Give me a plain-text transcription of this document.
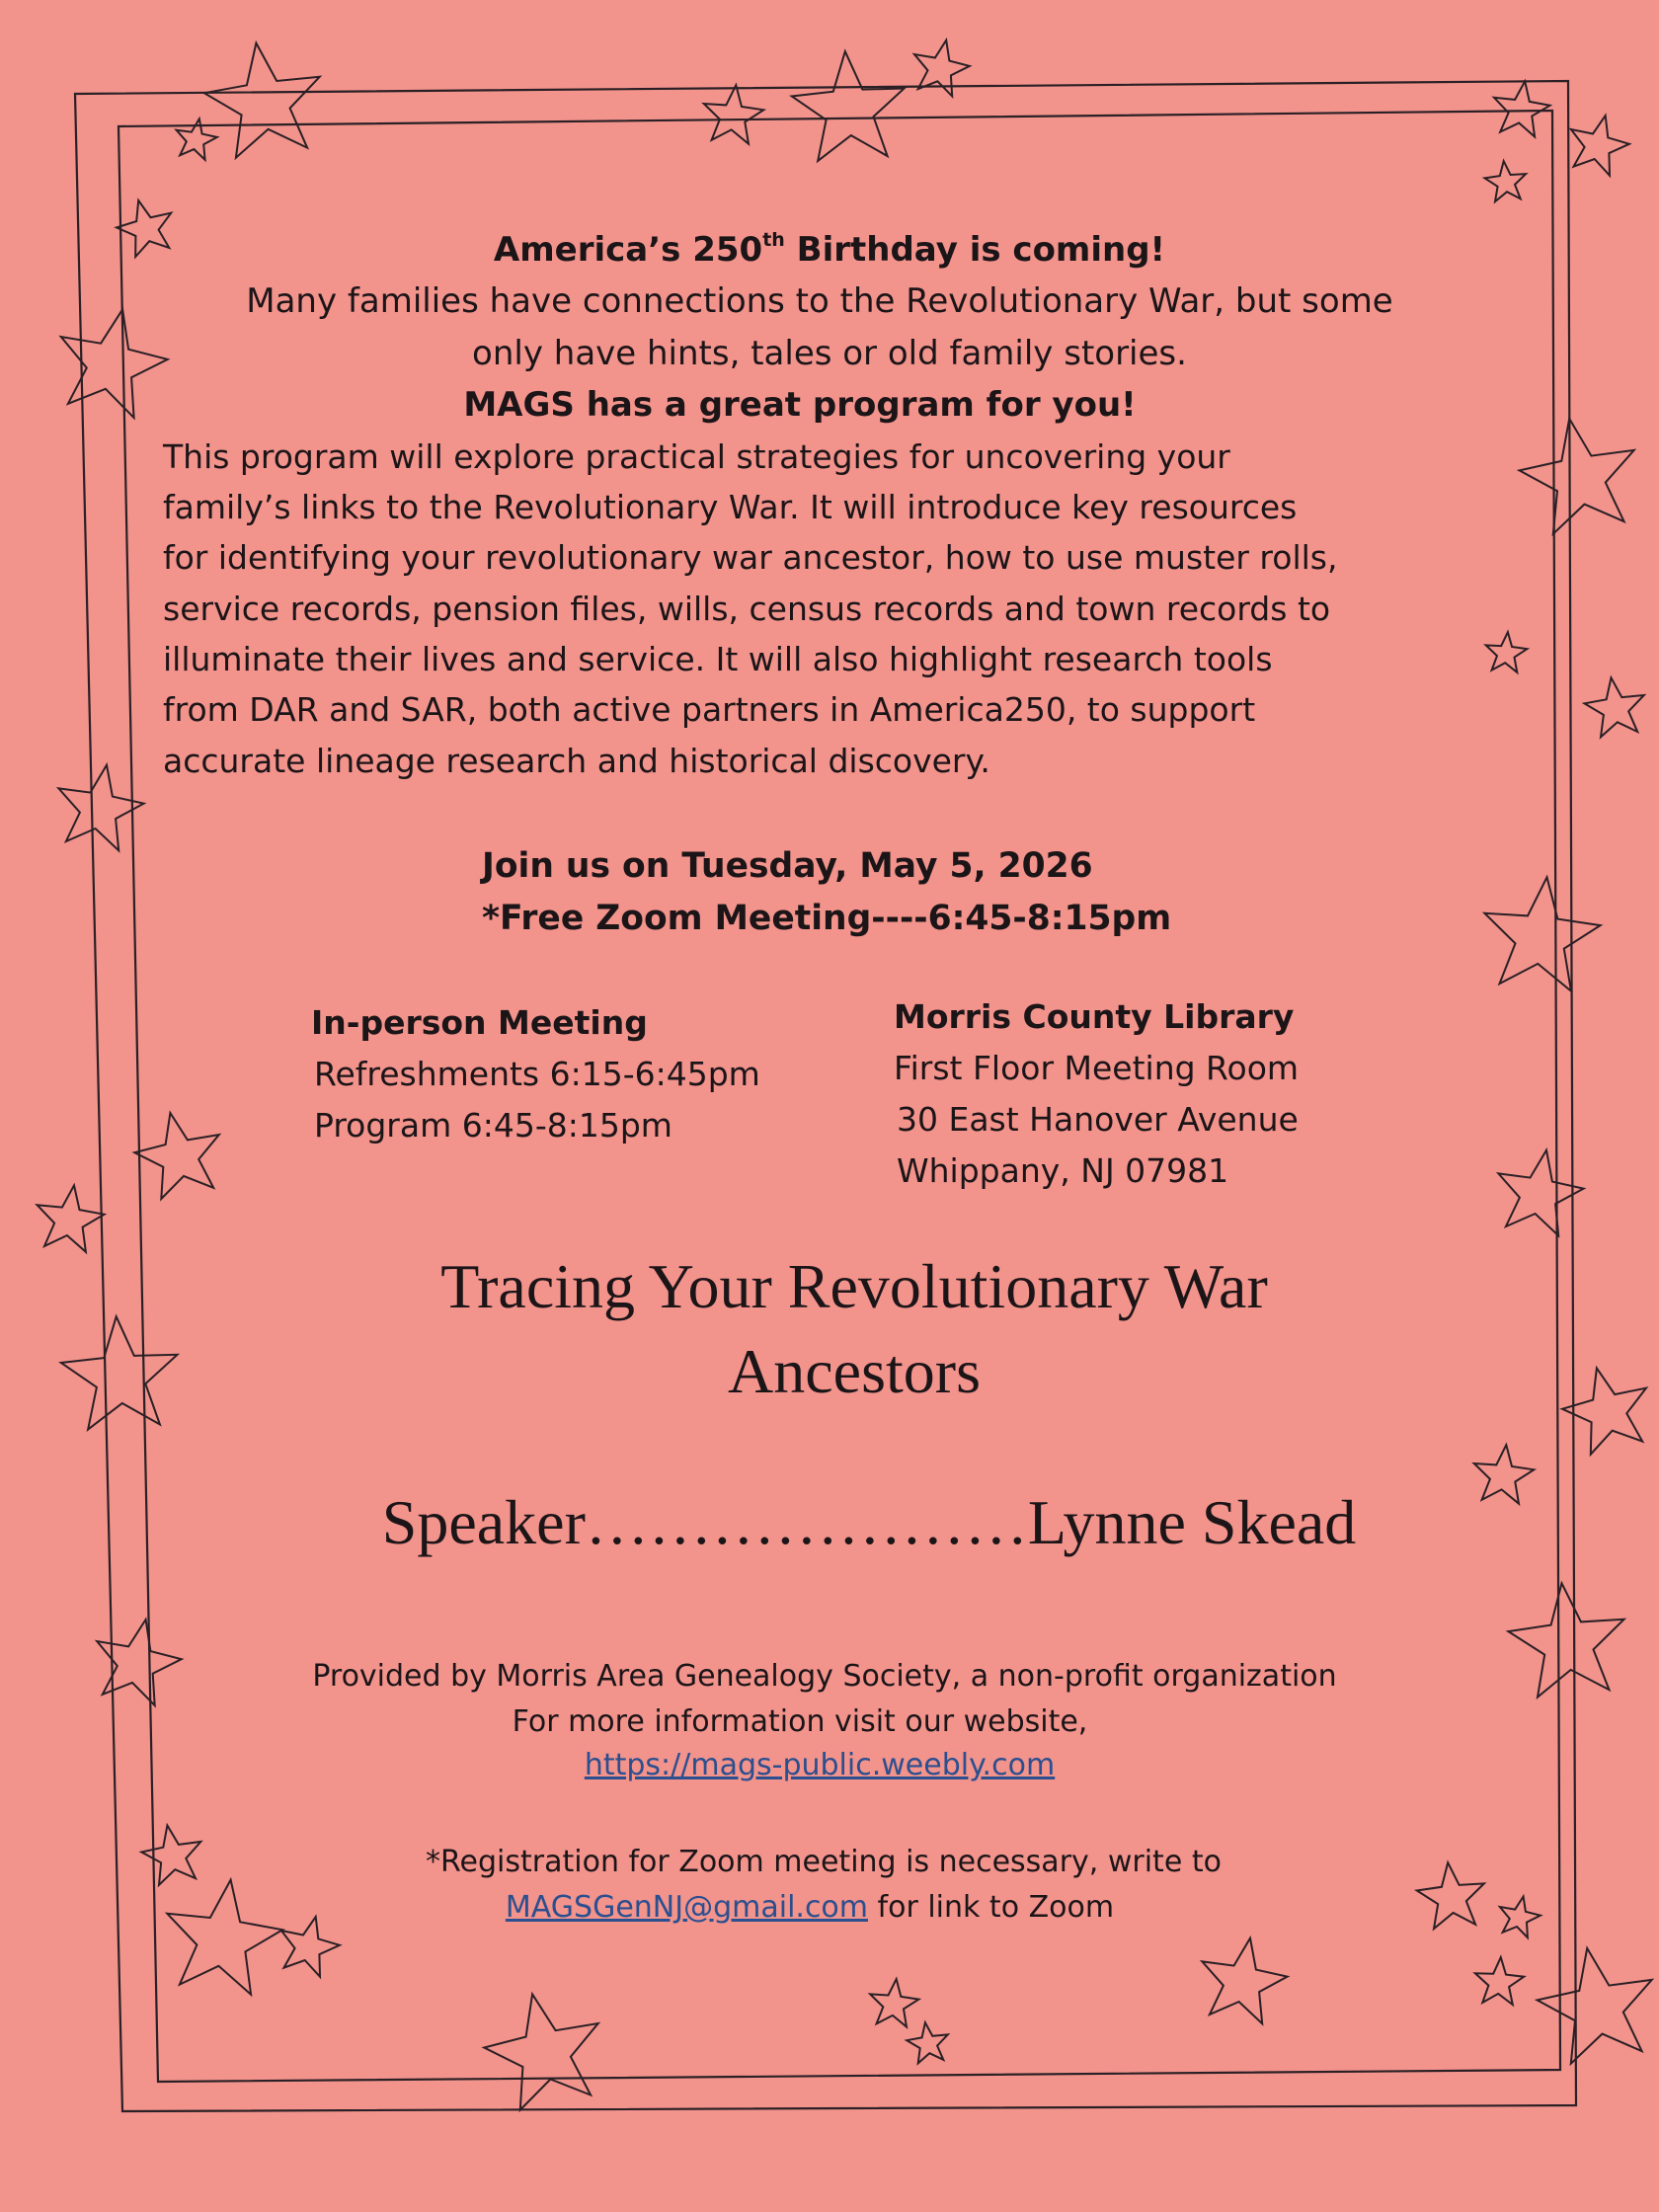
America’s 250th Birthday is coming!

Many families have connections to the Revolutionary War, but some

only have hints, tales or old family stories.

MAGS has a great program for you!

This program will explore practical strategies for uncovering your

family’s links to the Revolutionary War. It will introduce key resources

for identifying your revolutionary war ancestor, how to use muster rolls,

service records, pension files, wills, census records and town records to

illuminate their lives and service. It will also highlight research tools

from DAR and SAR, both active partners in America250, to support

accurate lineage research and historical discovery.

Join us on Tuesday, May 5, 2026

*Free Zoom Meeting----6:45-8:15pm

In-person Meeting

Refreshments 6:15-6:45pm

Program 6:45-8:15pm

Morris County Library

First Floor Meeting Room

30 East Hanover Avenue

Whippany, NJ 07981

Tracing Your Revolutionary War

Ancestors

Speaker…………………Lynne Skead

Provided by Morris Area Genealogy Society, a non-profit organization

For more information visit our website,

https://mags-public.weebly.com

*Registration for Zoom meeting is necessary, write to

MAGSGenNJ@gmail.com for link to Zoom
